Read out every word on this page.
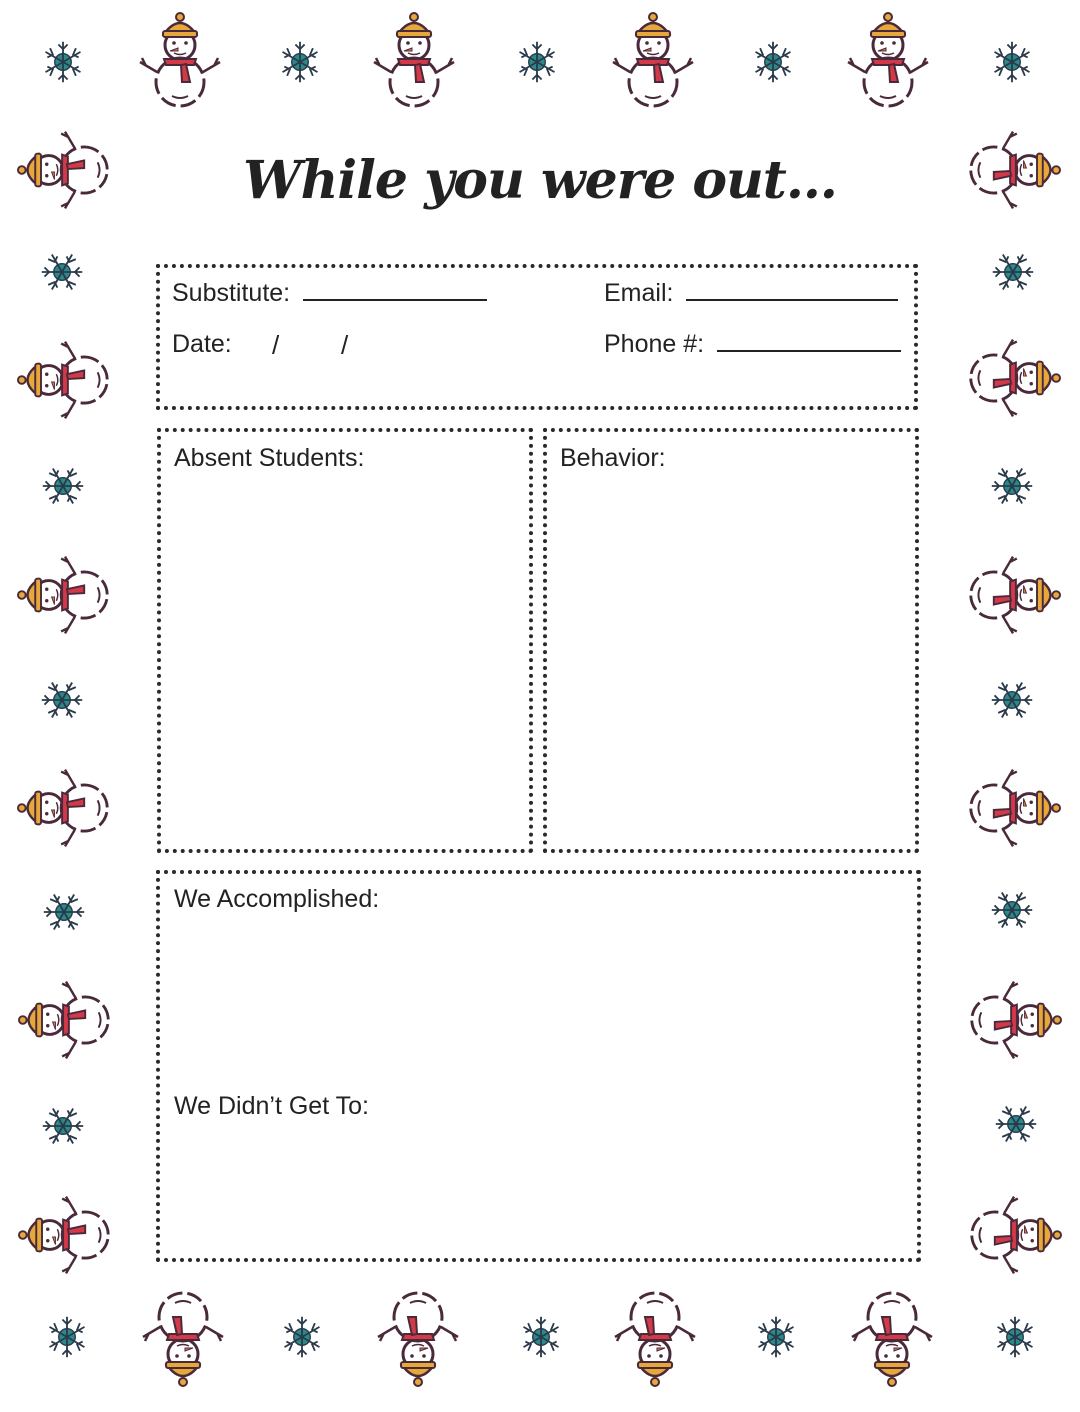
While you were out…
Substitute:	Email:
Date: / /	Phone #:
Absent Students:	Behavior:
We Accomplished:
We Didn’t Get To:
